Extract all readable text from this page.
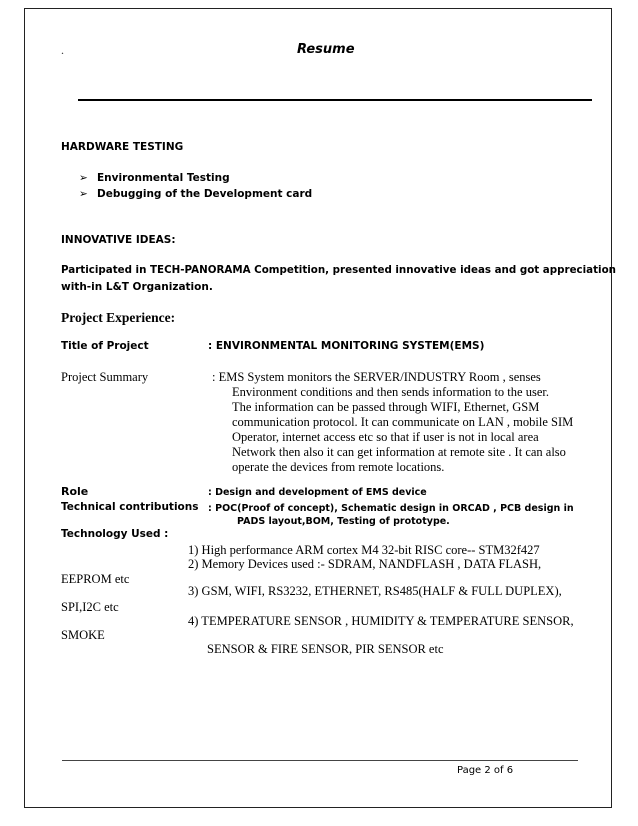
.	Resume
HARDWARE TESTING
➢ Environmental Testing
➢ Debugging of the Development card
INNOVATIVE IDEAS:
Participated in TECH-PANORAMA Competition, presented innovative ideas and got appreciation
with-in L&T Organization.
Project Experience:
Title of Project	: ENVIRONMENTAL MONITORING SYSTEM(EMS)
Project Summary	: EMS System monitors the SERVER/INDUSTRY Room , senses
Environment conditions and then sends information to the user.
The information can be passed through WIFI, Ethernet, GSM
communication protocol. It can communicate on LAN , mobile SIM
Operator, internet access etc so that if user is not in local area
Network then also it can get information at remote site . It can also
operate the devices from remote locations.
Role	: Design and development of EMS device
Technical contributions : POC(Proof of concept), Schematic design in ORCAD , PCB design in
PADS layout,BOM, Testing of prototype.
Technology Used :
1) High performance ARM cortex M4 32-bit RISC core-- STM32f427
2) Memory Devices used :- SDRAM, NANDFLASH , DATA FLASH,
EEPROM etc
3) GSM, WIFI, RS3232, ETHERNET, RS485(HALF & FULL DUPLEX),
SPI,I2C etc
4) TEMPERATURE SENSOR , HUMIDITY & TEMPERATURE SENSOR,
SMOKE
SENSOR & FIRE SENSOR, PIR SENSOR etc
Page 2 of 6
